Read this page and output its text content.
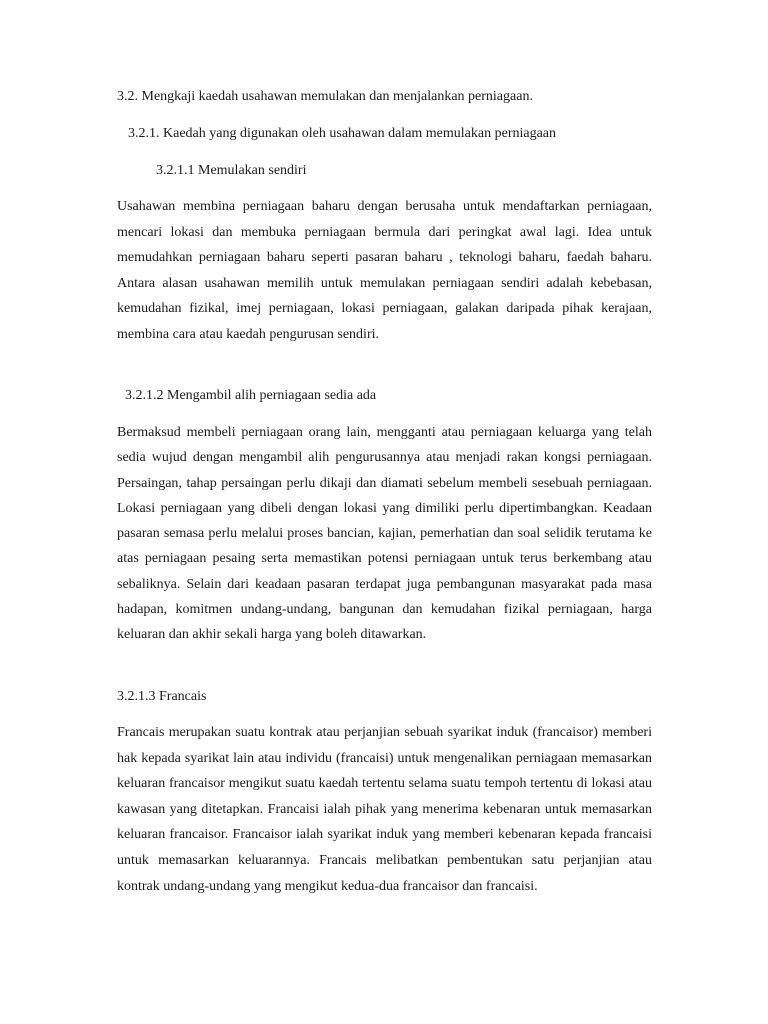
3.2. Mengkaji kaedah usahawan memulakan dan menjalankan perniagaan.
3.2.1. Kaedah yang digunakan oleh usahawan dalam memulakan perniagaan
3.2.1.1 Memulakan sendiri

Usahawan membina perniagaan baharu dengan berusaha untuk mendaftarkan perniagaan, mencari lokasi dan membuka perniagaan bermula dari peringkat awal lagi. Idea untuk memudahkan perniagaan baharu seperti pasaran baharu , teknologi baharu, faedah baharu. Antara alasan usahawan memilih untuk memulakan perniagaan sendiri adalah kebebasan, kemudahan fizikal, imej perniagaan, lokasi perniagaan, galakan daripada pihak kerajaan, membina cara atau kaedah pengurusan sendiri.

3.2.1.2 Mengambil alih perniagaan sedia ada

Bermaksud membeli perniagaan orang lain, mengganti atau perniagaan keluarga yang telah sedia wujud dengan mengambil alih pengurusannya atau menjadi rakan kongsi perniagaan. Persaingan, tahap persaingan perlu dikaji dan diamati sebelum membeli sesebuah perniagaan. Lokasi perniagaan yang dibeli dengan lokasi yang dimiliki perlu dipertimbangkan. Keadaan pasaran semasa perlu melalui proses bancian, kajian, pemerhatian dan soal selidik terutama ke atas perniagaan pesaing serta memastikan potensi perniagaan untuk terus berkembang atau sebaliknya. Selain dari keadaan pasaran terdapat juga pembangunan masyarakat pada masa hadapan, komitmen undang-undang, bangunan dan kemudahan fizikal perniagaan, harga keluaran dan akhir sekali harga yang boleh ditawarkan.

3.2.1.3 Francais

Francais merupakan suatu kontrak atau perjanjian sebuah syarikat induk (francaisor) memberi hak kepada syarikat lain atau individu (francaisi) untuk mengenalikan perniagaan memasarkan keluaran francaisor mengikut suatu kaedah tertentu selama suatu tempoh tertentu di lokasi atau kawasan yang ditetapkan. Francaisi ialah pihak yang menerima kebenaran untuk memasarkan keluaran francaisor. Francaisor ialah syarikat induk yang memberi kebenaran kepada francaisi untuk memasarkan keluarannya. Francais melibatkan pembentukan satu perjanjian atau kontrak undang-undang yang mengikut kedua-dua francaisor dan francaisi.
